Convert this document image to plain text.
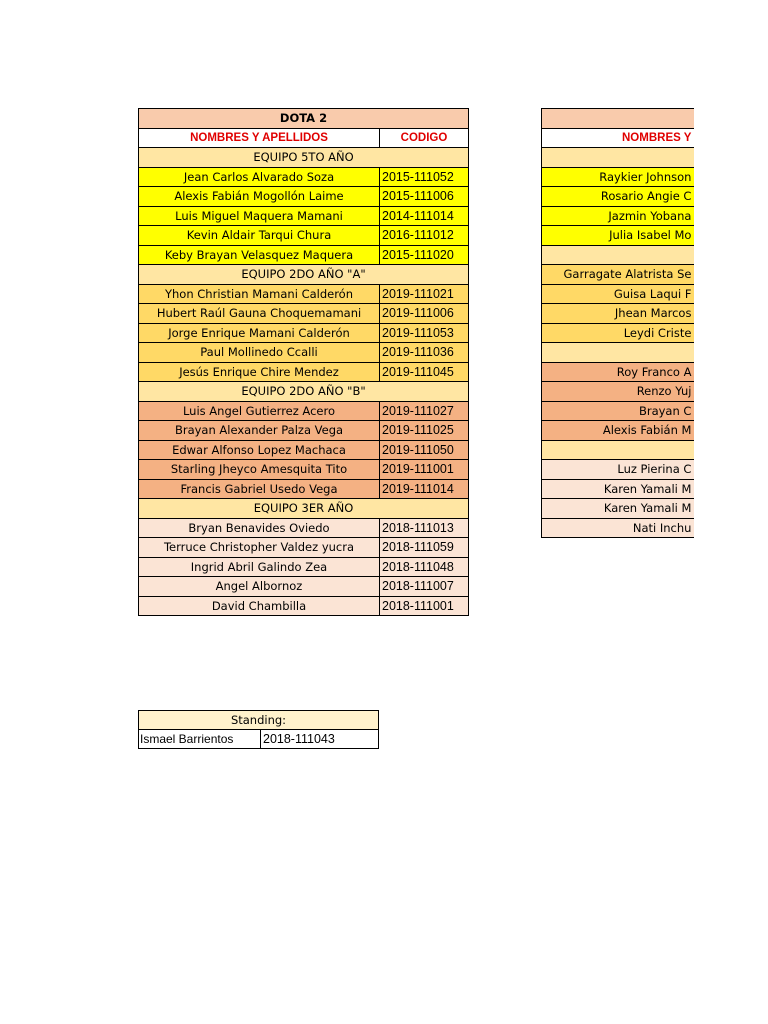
DOTA 2	
NOMBRES Y APELLIDOS	CODIGO
EQUIPO 5TO AÑO	
Jean Carlos Alvarado Soza	2015-111052
Alexis Fabián Mogollón Laime	2015-111006
Luis Miguel Maquera Mamani	2014-111014
Kevin Aldair Tarqui Chura	2016-111012
Keby Brayan Velasquez Maquera	2015-111020
EQUIPO 2DO AÑO "A"	
Yhon Christian Mamani Calderón	2019-111021
Hubert Raúl Gauna Choquemamani	2019-111006
Jorge Enrique Mamani Calderón	2019-111053
Paul Mollinedo Ccalli	2019-111036
Jesús Enrique Chire Mendez	2019-111045
EQUIPO 2DO AÑO "B"	
Luis Angel Gutierrez Acero	2019-111027
Brayan Alexander Palza Vega	2019-111025
Edwar Alfonso Lopez Machaca	2019-111050
Starling Jheyco Amesquita Tito	2019-111001
Francis Gabriel Usedo Vega	2019-111014
EQUIPO 3ER AÑO	
Bryan Benavides Oviedo	2018-111013
Terruce Christopher Valdez yucra	2018-111059
Ingrid Abril Galindo Zea	2018-111048
Angel Albornoz	2018-111007
David Chambilla	2018-111001

NOMBRES Y

Raykier Johnson
Rosario Angie C
Jazmin Yobana
Julia Isabel Mo

Garragate Alatrista Se
Guisa Laqui F
Jhean Marcos
Leydi Criste

Roy Franco A
Renzo Yuj
Brayan C
Alexis Fabián M

Luz Pierina C
Karen Yamali M
Karen Yamali M
Nati Inchu
Standing:
Ismael Barrientos	2018-111043
